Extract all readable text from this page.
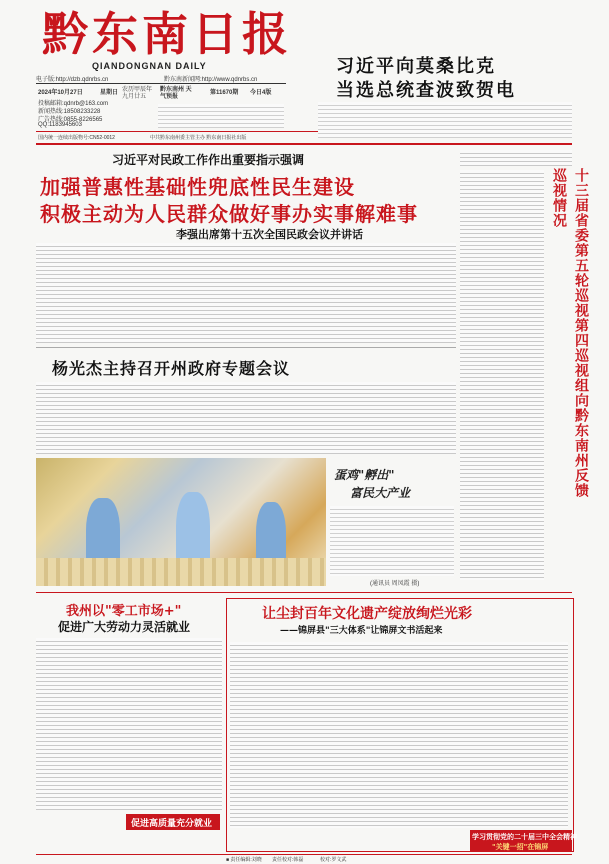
黔东南日报
QIANDONGNAN DAILY
电子版:http://dzb.qdnrbs.cn	黔东南新闻网:http://www.qdnrbs.cn
2024年10月27日	星期日 农历甲辰年 九月廿五
黔东南州 天气预报
第11670期 今日4版
投稿邮箱:qdnrb@163.com
新闻热线:18508233228
广告热线:0855-8226565
QQ:1183945603
国内统一连续出版物号:CN52-0012	中共黔东南州委主管主办 黔东南日报社出版
习近平向莫桑比克
当选总统查波致贺电
习近平对民政工作作出重要指示强调
加强普惠性基础性兜底性民生建设
积极主动为人民群众做好事办实事解难事
李强出席第十五次全国民政会议并讲话
杨光杰主持召开州政府专题会议
蛋鸡"孵出"
富民大产业
(通讯员 周凤霞 摄)
十三届省委第五轮巡视第四巡视组向黔东南州反馈巡视情况
我州以"零工市场+"
促进广大劳动力灵活就业
促进高质量充分就业
让尘封百年文化遗产绽放绚烂光彩
——锦屏县"三大体系"让锦屏文书活起来
学习贯彻党的二十届三中全会精神
"关键一招"在锦屏
■ 责任编辑:刘晓 责任校对:韩磊	校对:罗文武
